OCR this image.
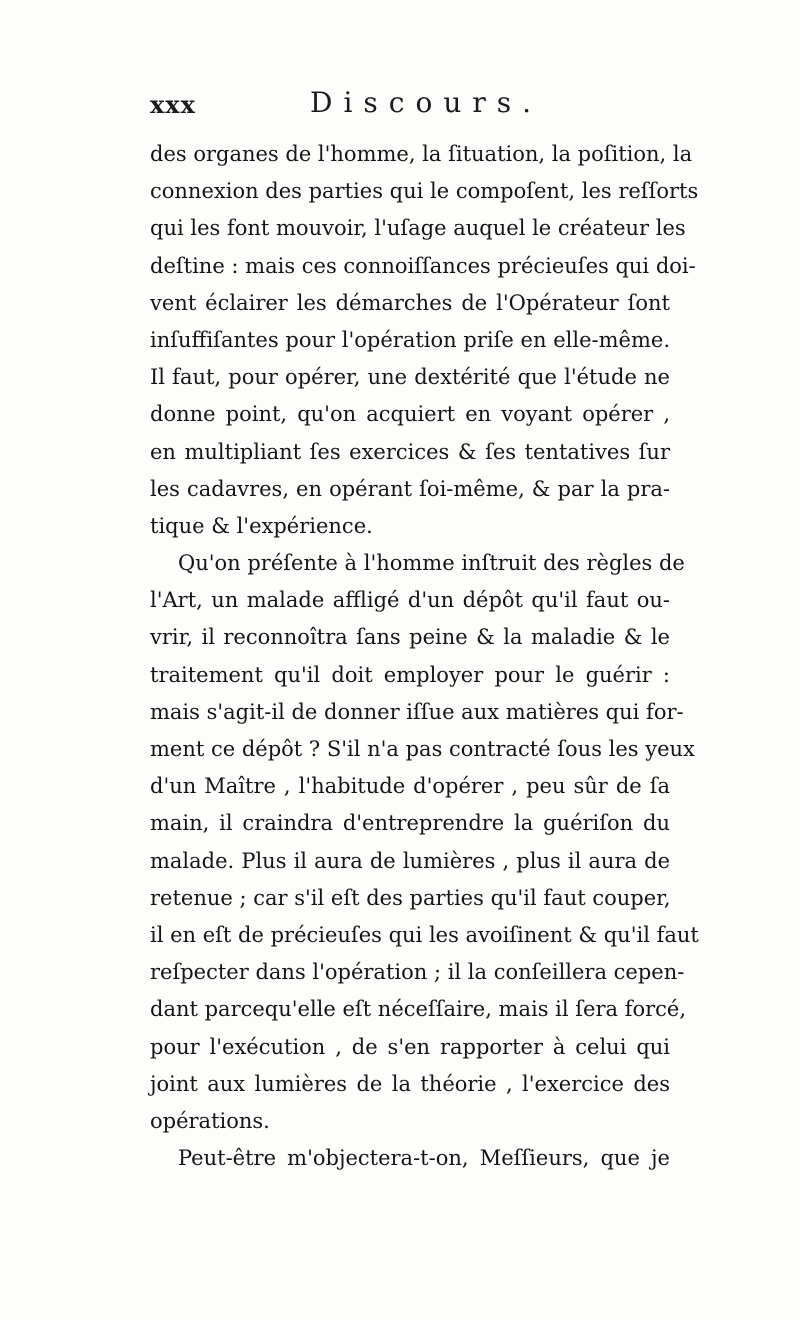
xxx	Discours.
des organes de l'homme, la ſituation, la poſition, la
connexion des parties qui le compoſent, les reſſorts
qui les font mouvoir, l'uſage auquel le créateur les
deſtine : mais ces connoiſſances précieuſes qui doi-
vent éclairer les démarches de l'Opérateur ſont
inſuffiſantes pour l'opération priſe en elle-même.
Il faut, pour opérer, une dextérité que l'étude ne
donne point, qu'on acquiert en voyant opérer ,
en multipliant ſes exercices & ſes tentatives ſur
les cadavres, en opérant ſoi-même, & par la pra-
tique & l'expérience.
Qu'on préſente à l'homme inſtruit des règles de
l'Art, un malade affligé d'un dépôt qu'il faut ou-
vrir, il reconnoîtra ſans peine & la maladie & le
traitement qu'il doit employer pour le guérir :
mais s'agit-il de donner iſſue aux matières qui for-
ment ce dépôt ? S'il n'a pas contracté ſous les yeux
d'un Maître , l'habitude d'opérer , peu sûr de ſa
main, il craindra d'entreprendre la guériſon du
malade. Plus il aura de lumières , plus il aura de
retenue ; car s'il eſt des parties qu'il faut couper,
il en eſt de précieuſes qui les avoiſinent & qu'il faut
reſpecter dans l'opération ; il la conſeillera cepen-
dant parcequ'elle eſt néceſſaire, mais il ſera forcé,
pour l'exécution , de s'en rapporter à celui qui
joint aux lumières de la théorie , l'exercice des
opérations.
Peut-être m'objectera-t-on, Meſſieurs, que je
